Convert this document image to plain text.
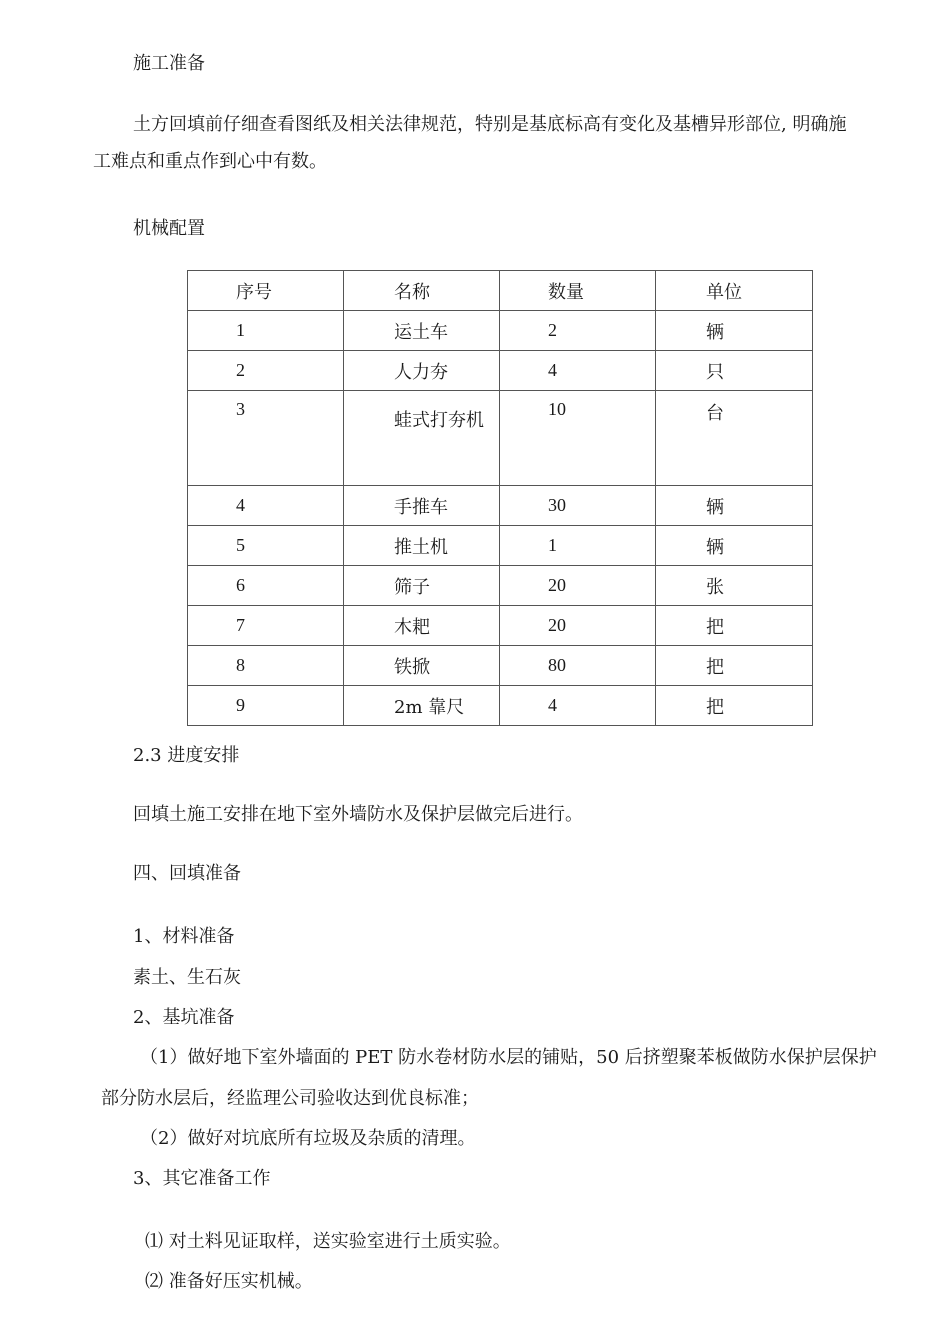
施工准备
土方回填前仔细查看图纸及相关法律规范，特别是基底标高有变化及基槽异形部位, 明确施
工难点和重点作到心中有数。
机械配置
序号	名称	数量	单位
1	运土车	2	辆
2	人力夯	4	只
3	蛙式打夯机	10	台
4	手推车	30	辆
5	推土机	1	辆
6	筛子	20	张
7	木耙	20	把
8	铁掀	80	把
9	2m 靠尺	4	把
2.3 进度安排
回填土施工安排在地下室外墙防水及保护层做完后进行。
四、回填准备
1、材料准备
素土、生石灰
2、基坑准备
（1）做好地下室外墙面的 PET 防水卷材防水层的铺贴，50 后挤塑聚苯板做防水保护层保护
部分防水层后，经监理公司验收达到优良标准；
（2）做好对坑底所有垃圾及杂质的清理。
3、其它准备工作
⑴ 对土料见证取样，送实验室进行土质实验。
⑵ 准备好压实机械。
